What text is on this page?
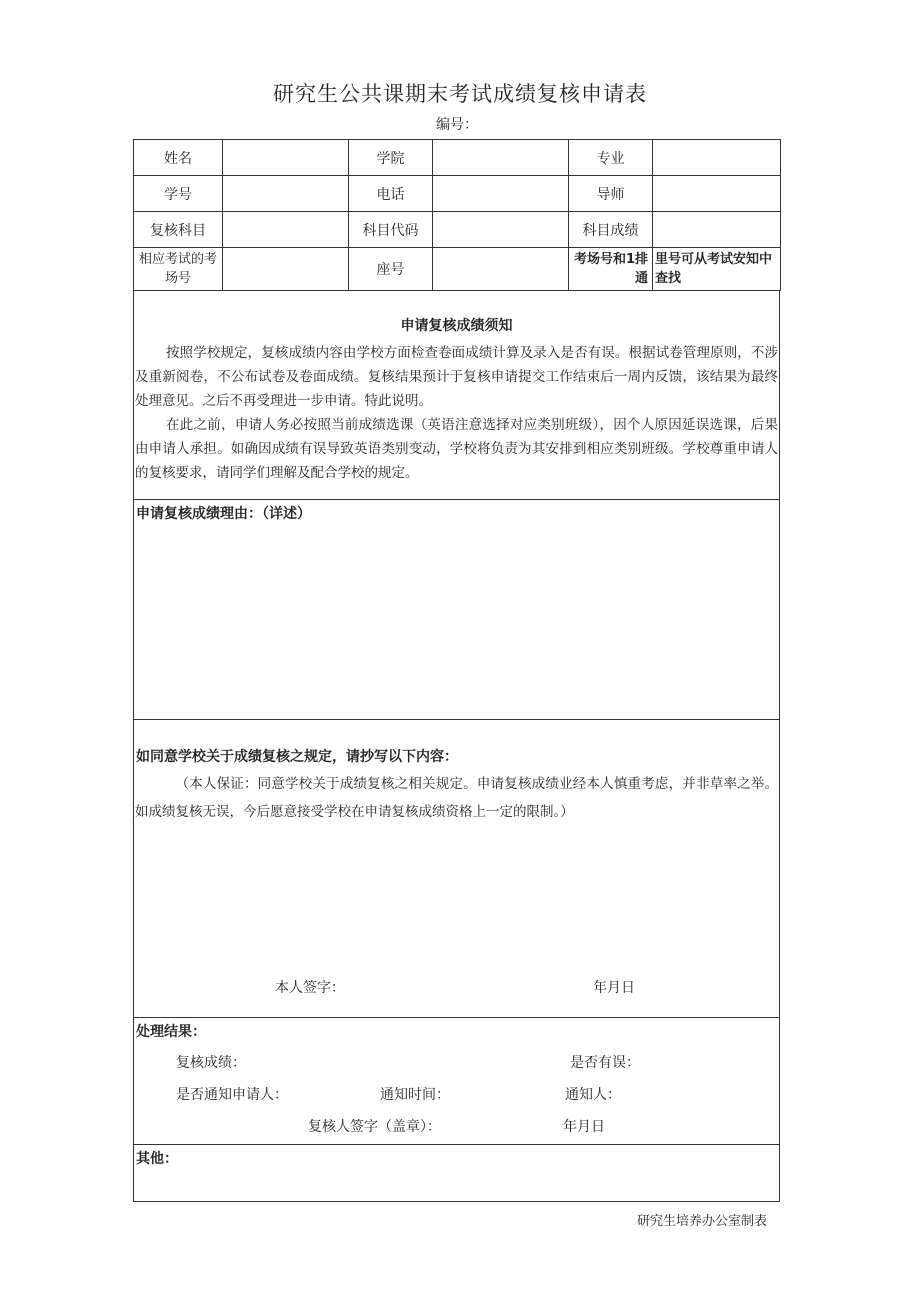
研究生公共课期末考试成绩复核申请表
编号：
姓名		学院		专业	
学号		电话		导师	
复核科目		科目代码		科目成绩	
相应考试的考场号		座号		考场号和1排通	里号可从考试安知中查找
申请复核成绩须知

按照学校规定，复核成绩内容由学校方面检查卷面成绩计算及录入是否有误。根据试卷管理原则，不涉及重新阅卷，不公布试卷及卷面成绩。复核结果预计于复核申请提交工作结束后一周内反馈，该结果为最终处理意见。之后不再受理进一步申请。特此说明。

在此之前，申请人务必按照当前成绩选课（英语注意选择对应类别班级），因个人原因延误选课，后果由申请人承担。如确因成绩有误导致英语类别变动，学校将负责为其安排到相应类别班级。学校尊重申请人的复核要求，请同学们理解及配合学校的规定。

申请复核成绩理由：（详述）
如同意学校关于成绩复核之规定，请抄写以下内容：

（本人保证：同意学校关于成绩复核之相关规定。申请复核成绩业经本人慎重考虑，并非草率之举。如成绩复核无误，今后愿意接受学校在申请复核成绩资格上一定的限制。）

本人签字：	年月日
处理结果：
复核成绩：	是否有误：
是否通知申请人：	通知时间：	通知人：
复核人签字（盖章）：	年月日
其他：
研究生培养办公室制表
